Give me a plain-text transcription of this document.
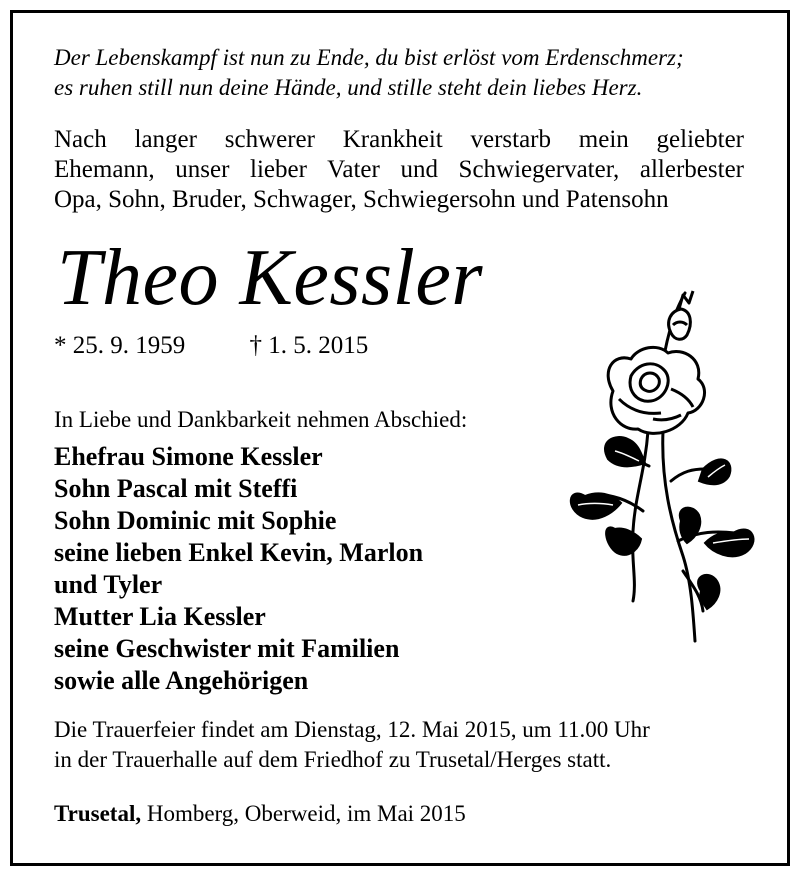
Der Lebenskampf ist nun zu Ende, du bist erlöst vom Erdenschmerz;
es ruhen still nun deine Hände, und stille steht dein liebes Herz.
Nach langer schwerer Krankheit verstarb mein geliebter
Ehemann, unser lieber Vater und Schwiegervater, allerbester
Opa, Sohn, Bruder, Schwager, Schwiegersohn und Patensohn
Theo Kessler
* 25. 9. 1959	† 1. 5. 2015
In Liebe und Dankbarkeit nehmen Abschied:
Ehefrau Simone Kessler
Sohn Pascal mit Steffi
Sohn Dominic mit Sophie
seine lieben Enkel Kevin, Marlon
und Tyler
Mutter Lia Kessler
seine Geschwister mit Familien
sowie alle Angehörigen
Die Trauerfeier findet am Dienstag, 12. Mai 2015, um 11.00 Uhr
in der Trauerhalle auf dem Friedhof zu Trusetal/Herges statt.
Trusetal, Homberg, Oberweid, im Mai 2015
